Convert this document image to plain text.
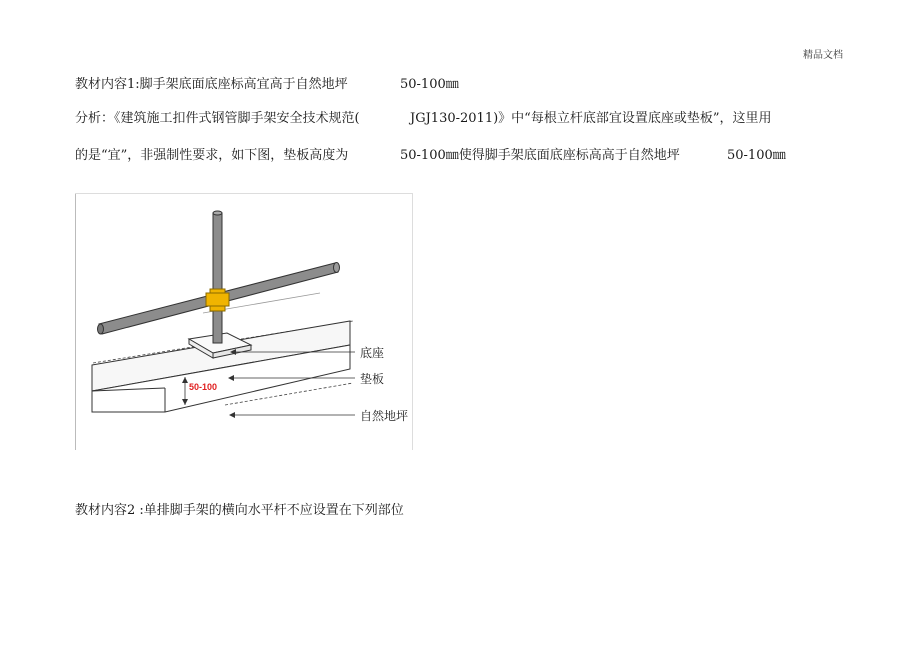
精品文档
教材内容1:脚手架底面底座标高宜高于自然地坪	50-100㎜
分析：《建筑施工扣件式钢管脚手架安全技术规范(	JGJ130-2011)》中“每根立杆底部宜设置底座或垫板”，这里用
的是“宜”，非强制性要求，如下图，垫板高度为	50-100㎜使得脚手架底面底座标高高于自然地坪	50-100㎜
50-100
底座
垫板
自然地坪
教材内容2 :单排脚手架的横向水平杆不应设置在下列部位
